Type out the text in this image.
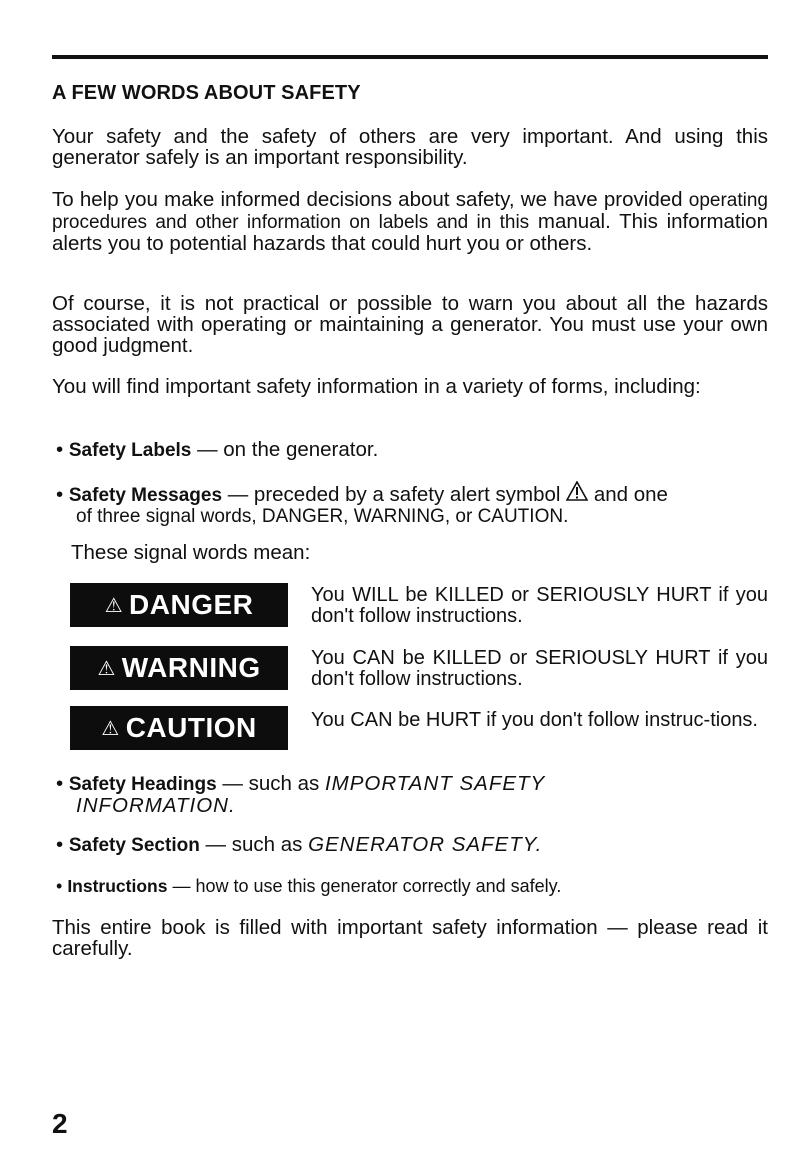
A FEW WORDS ABOUT SAFETY

Your safety and the safety of others are very important. And using this generator safely is an important responsibility.

To help you make informed decisions about safety, we have provided operating procedures and other information on labels and in this manual. This information alerts you to potential hazards that could hurt you or others.

Of course, it is not practical or possible to warn you about all the hazards associated with operating or maintaining a generator. You must use your own good judgment.

You will find important safety information in a variety of forms, including:

• Safety Labels — on the generator.

• Safety Messages — preceded by a safety alert symbol  and one
of three signal words, DANGER, WARNING, or CAUTION.

These signal words mean:
⚠ DANGER	You WILL be KILLED or SERIOUSLY HURT if you don't follow instructions.

⚠ WARNING	You CAN be KILLED or SERIOUSLY HURT if you don't follow instructions.

⚠ CAUTION	You CAN be HURT if you don't follow instruc-tions.

• Safety Headings — such as IMPORTANT SAFETY
INFORMATION.

• Safety Section — such as GENERATOR SAFETY.

• Instructions — how to use this generator correctly and safely.

This entire book is filled with important safety information — please read it carefully.

2
